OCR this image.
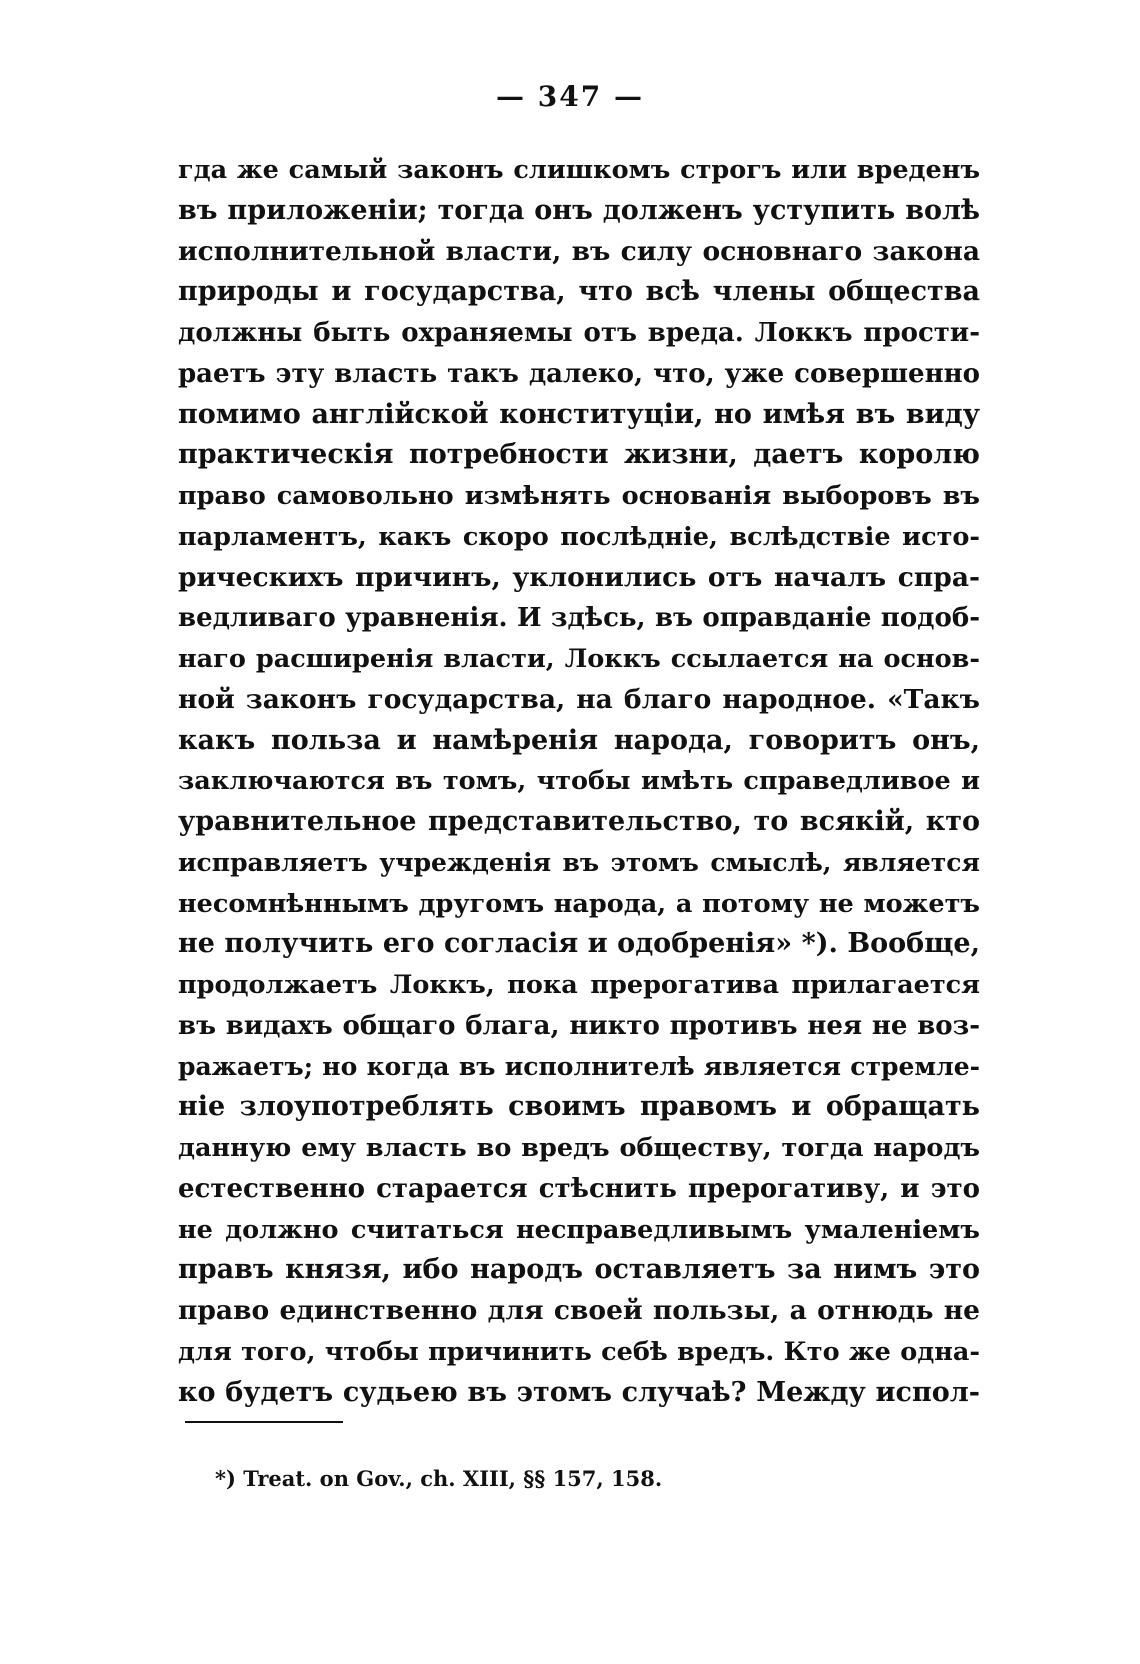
— 347 —
гда же самый законъ слишкомъ строгъ или вреденъ
въ приложенiи; тогда онъ долженъ уступить волѣ
исполнительной власти, въ силу основнаго закона
природы и государства, что всѣ члены общества
должны быть охраняемы отъ вреда. Локкъ прости-
раетъ эту власть такъ далеко, что, уже совершенно
помимо англiйской конституцiи, но имѣя въ виду
практическiя потребности жизни, даетъ королю
право самовольно измѣнять основанiя выборовъ въ
парламентъ, какъ скоро послѣднiе, вслѣдствiе исто-
рическихъ причинъ, уклонились отъ началъ спра-
ведливаго уравненiя. И здѣсь, въ оправданiе подоб-
наго расширенiя власти, Локкъ ссылается на основ-
ной законъ государства, на благо народное. «Такъ
какъ польза и намѣренiя народа, говоритъ онъ,
заключаются въ томъ, чтобы имѣть справедливое и
уравнительное представительство, то всякiй, кто
исправляетъ учрежденiя въ этомъ смыслѣ, является
несомнѣннымъ другомъ народа, а потому не можетъ
не получить его согласiя и одобренiя» *). Вообще,
продолжаетъ Локкъ, пока прерогатива прилагается
въ видахъ общаго блага, никто противъ нея не воз-
ражаетъ; но когда въ исполнителѣ является стремле-
нiе злоупотреблять своимъ правомъ и обращать
данную ему власть во вредъ обществу, тогда народъ
естественно старается стѣснить прерогативу, и это
не должно считаться несправедливымъ умаленiемъ
правъ князя, ибо народъ оставляетъ за нимъ это
право единственно для своей пользы, а отнюдь не
для того, чтобы причинить себѣ вредъ. Кто же одна-
ко будетъ судьею въ этомъ случаѣ? Между испол-
*) Treat. on Gov., ch. XIII, §§ 157, 158.
